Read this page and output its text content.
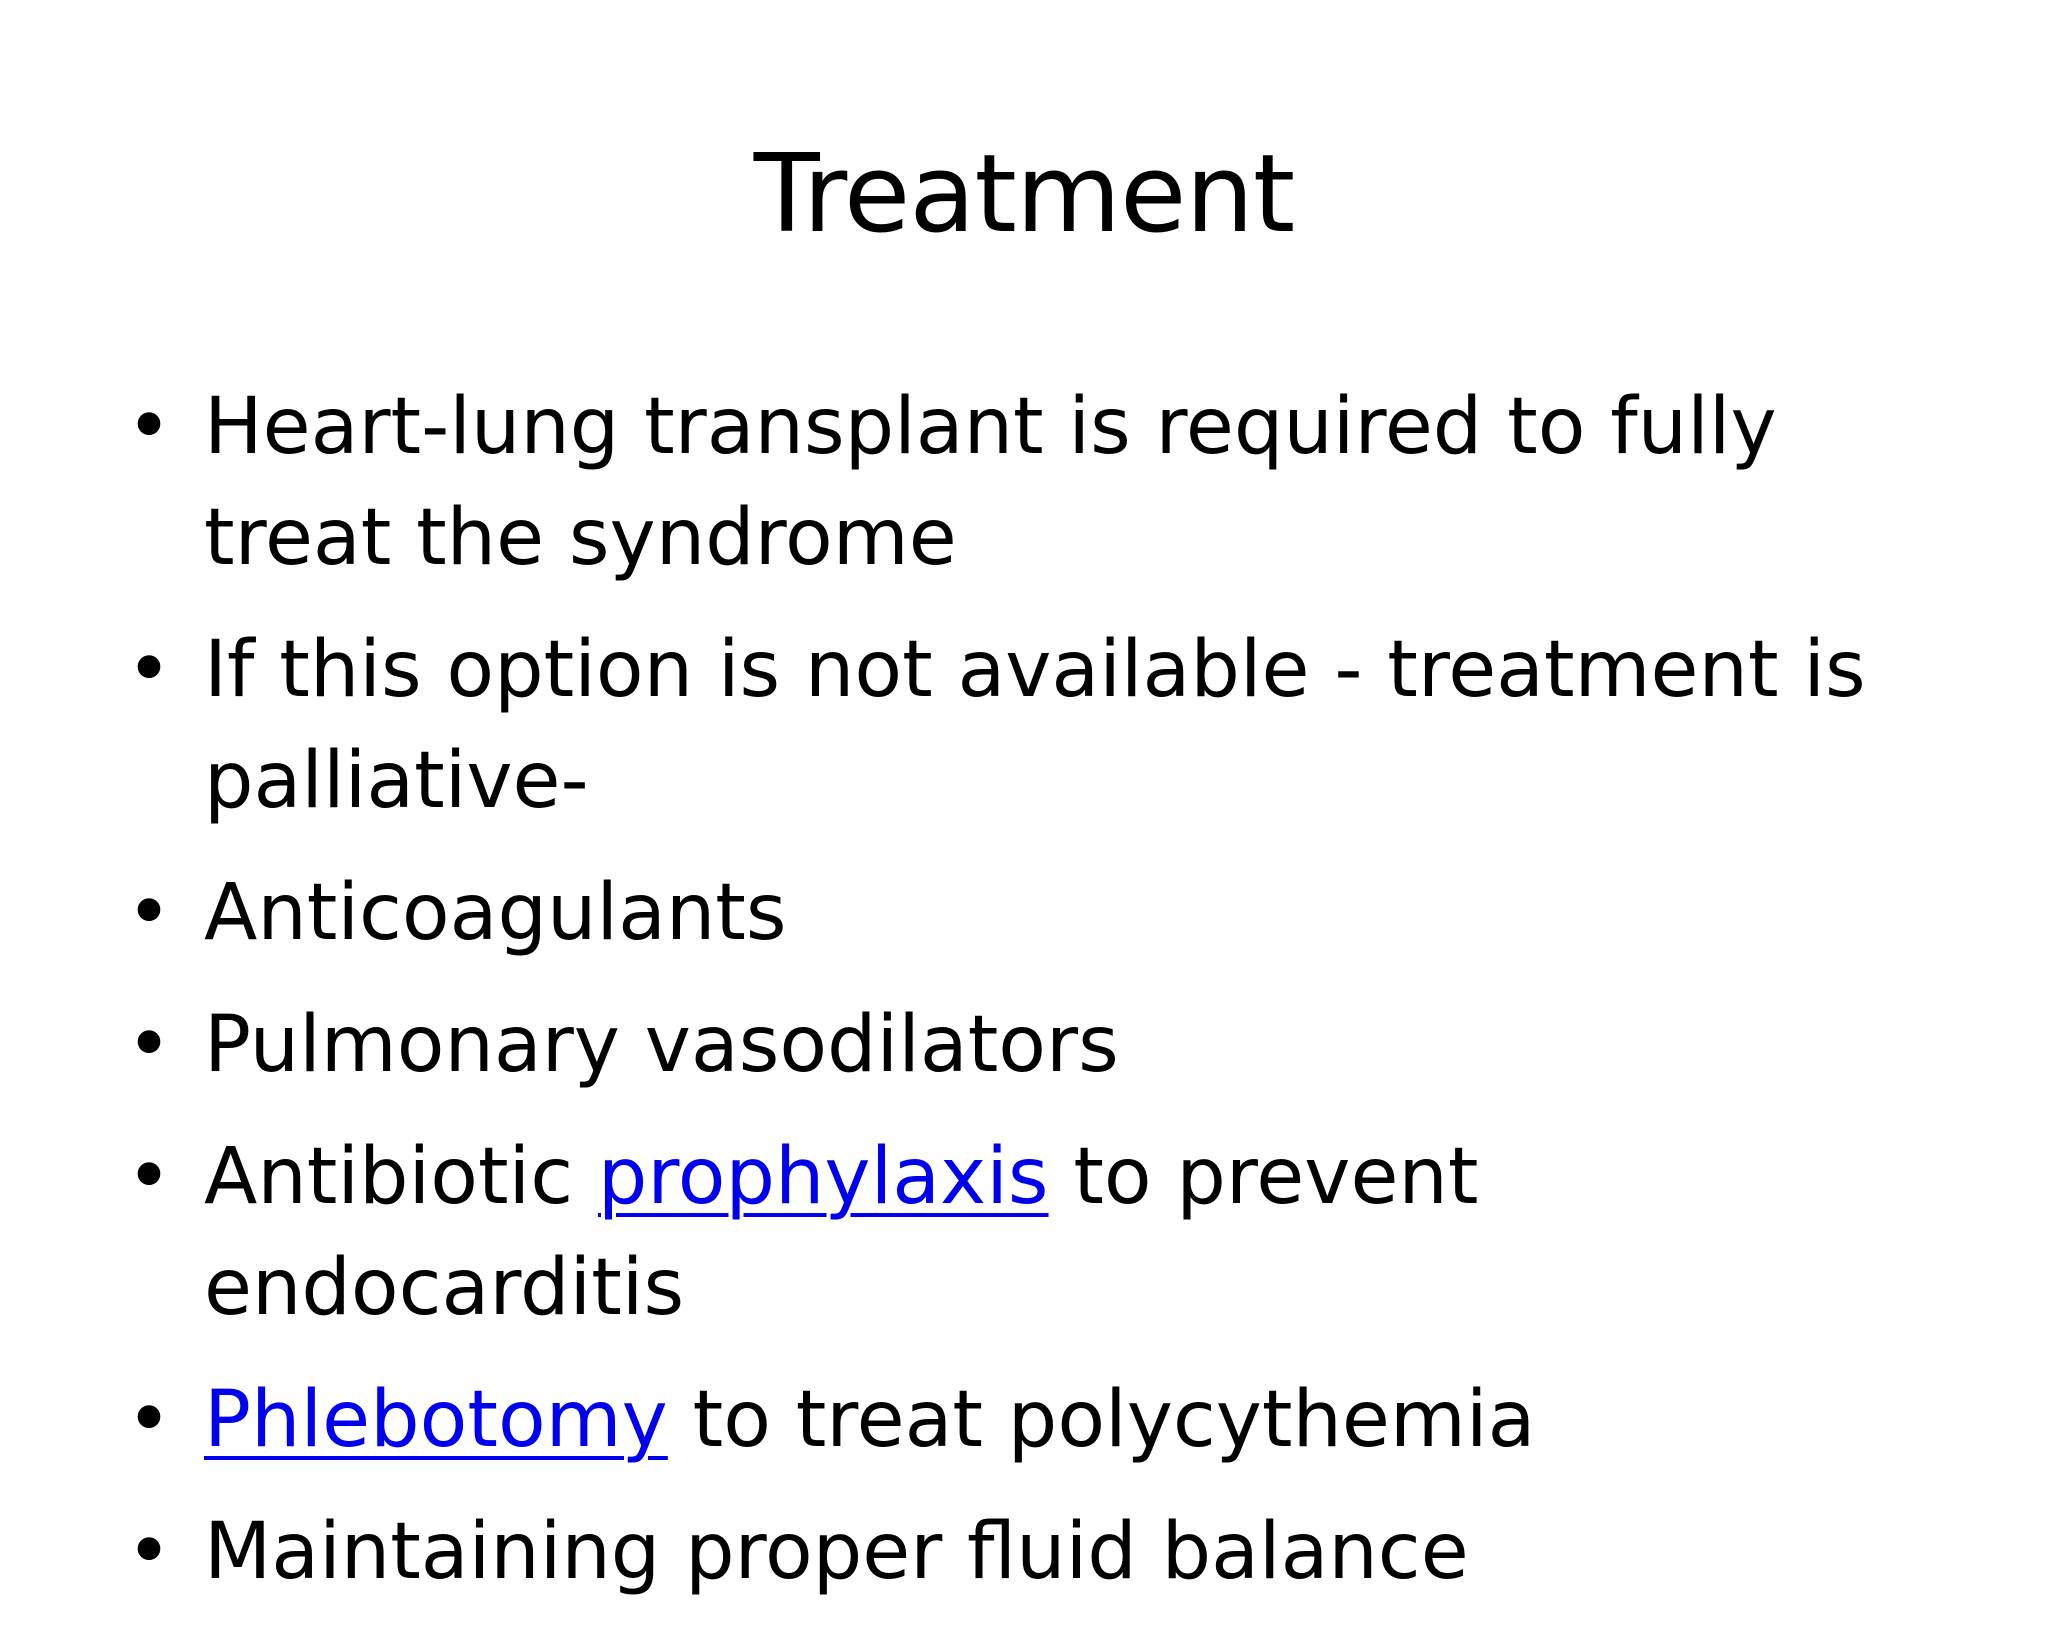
Treatment
• Heart-lung transplant is required to fully treat the syndrome
• If this option is not available - treatment is palliative-
• Anticoagulants
• Pulmonary vasodilators
• Antibiotic prophylaxis to prevent endocarditis
• Phlebotomy to treat polycythemia
• Maintaining proper fluid balance
